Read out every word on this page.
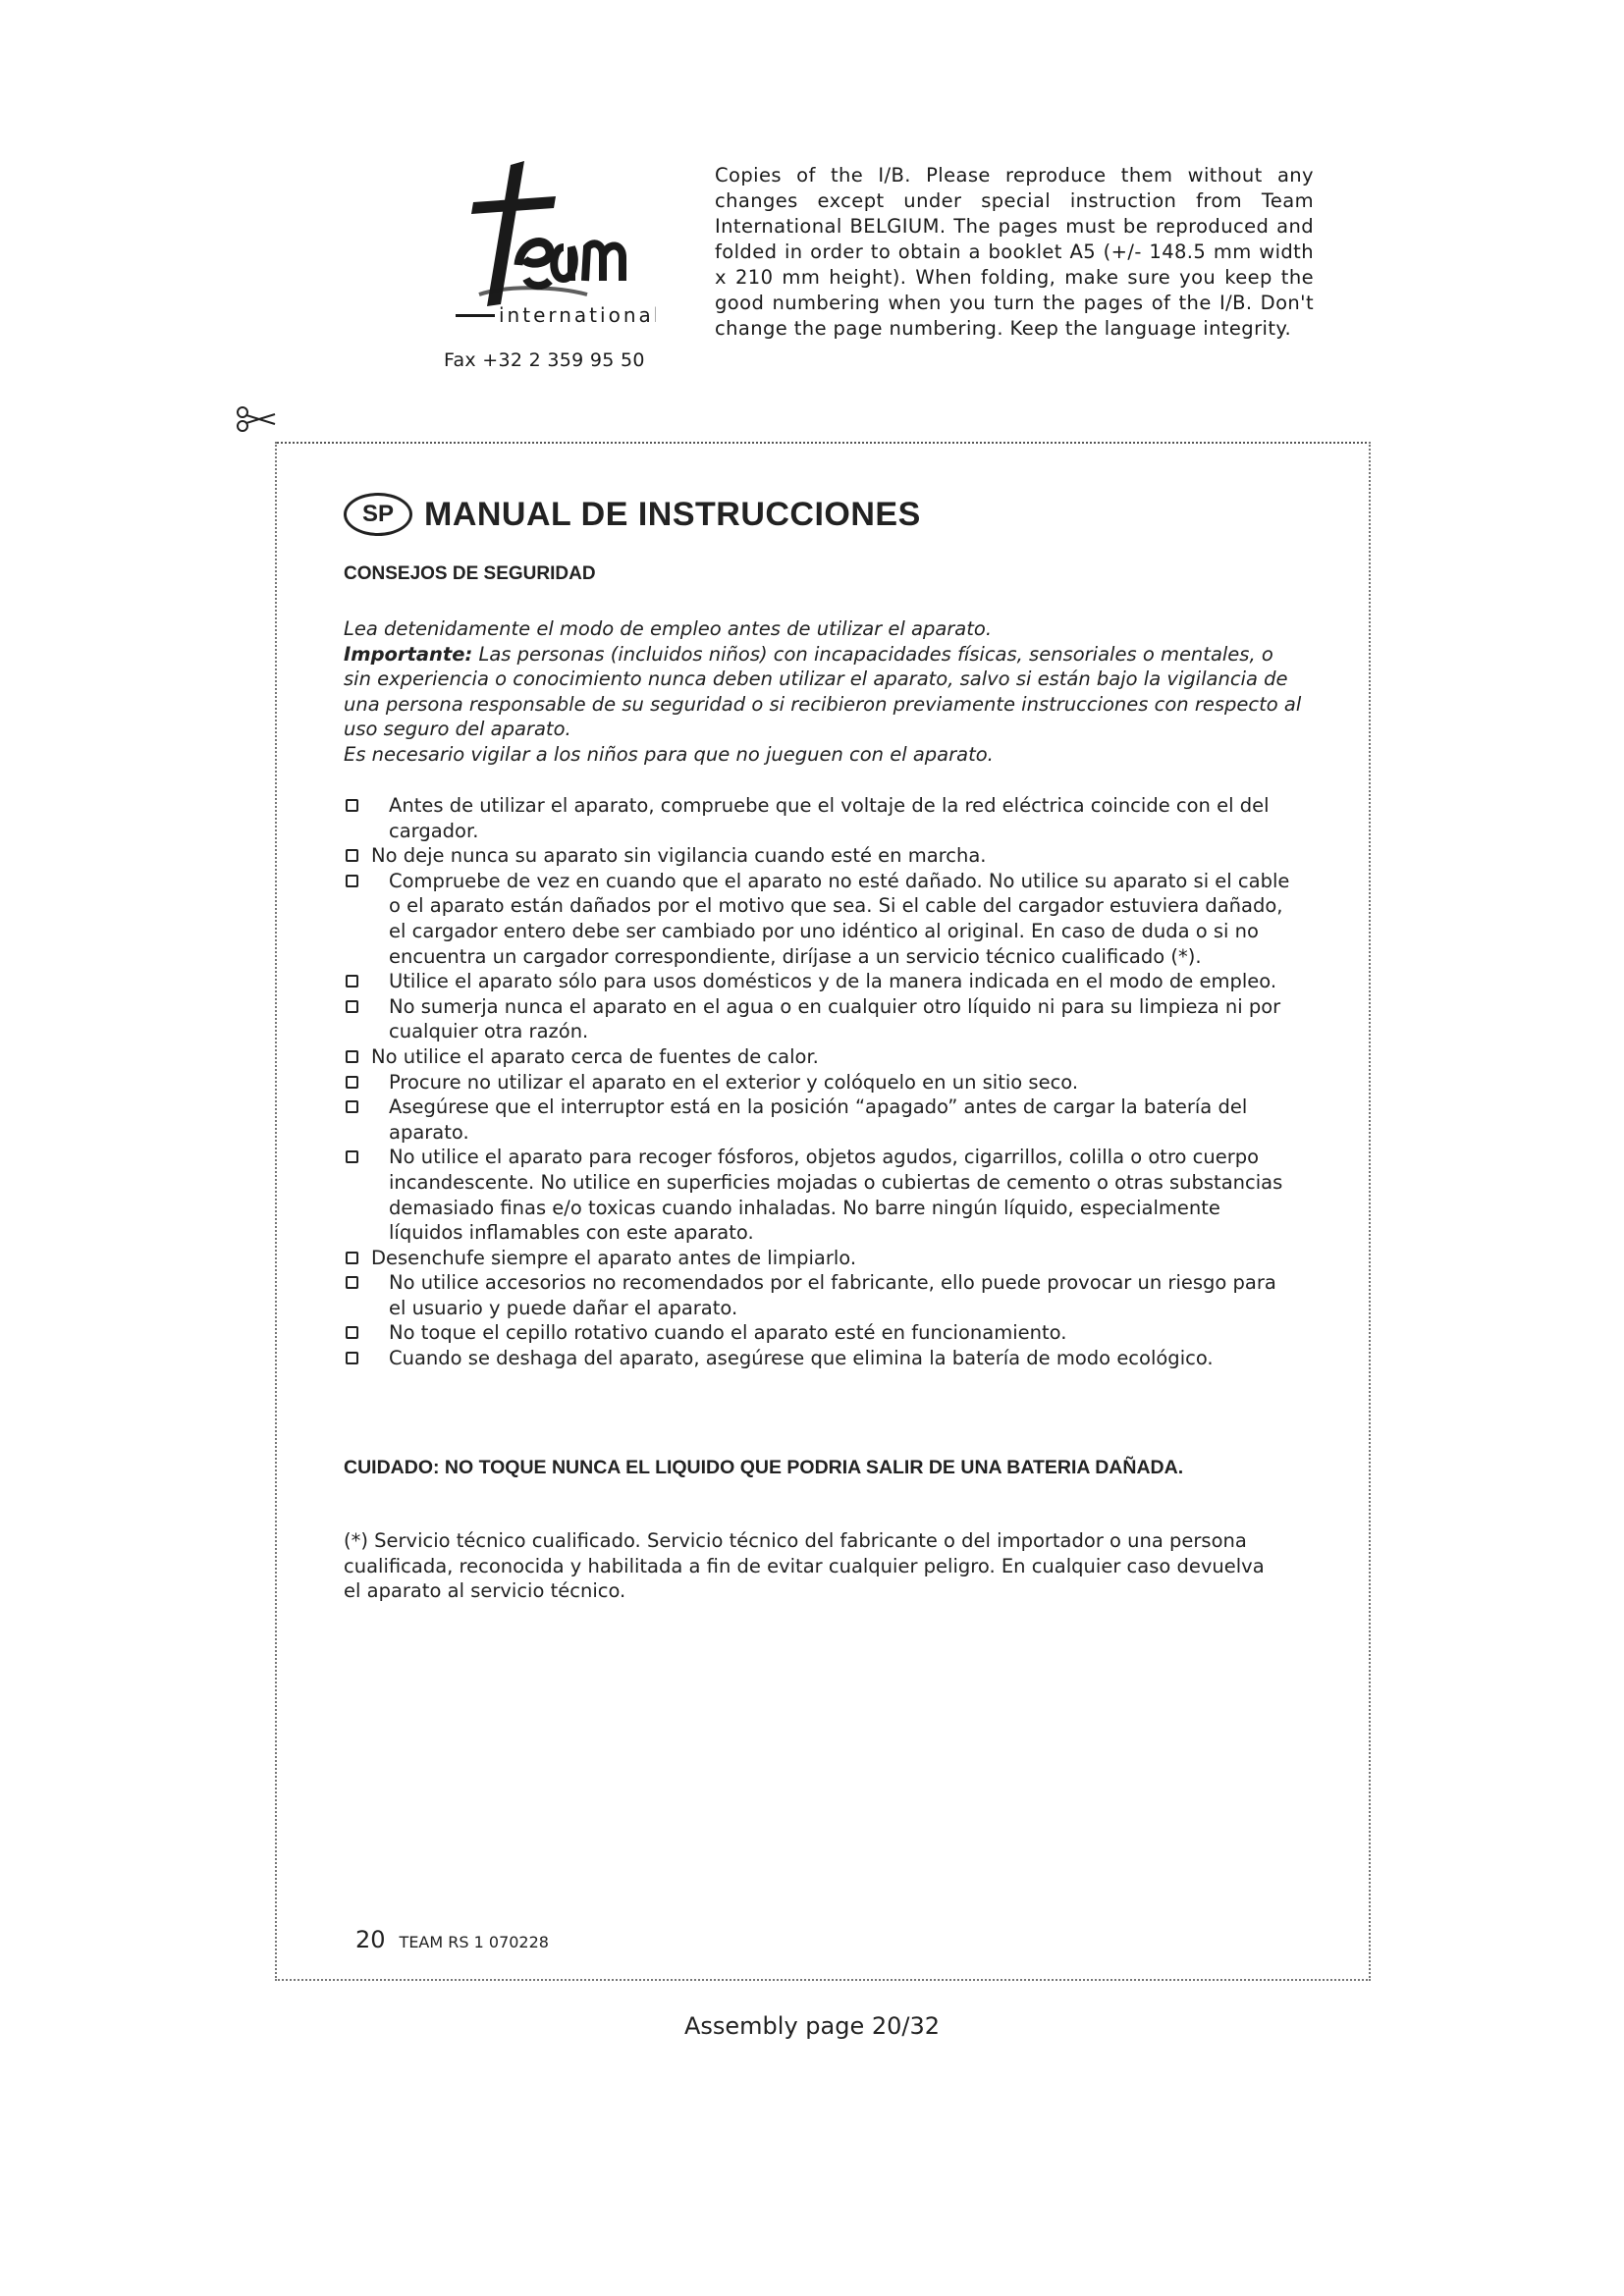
international
Fax +32 2 359 95 50
Copies of the I/B. Please reproduce them without any changes except under special instruction from Team International BELGIUM. The pages must be reproduced and folded in order to obtain a booklet A5 (+/- 148.5 mm width x 210 mm height). When folding, make sure you keep the good numbering when you turn the pages of the I/B. Don't change the page numbering. Keep the language integrity.
SP MANUAL DE INSTRUCCIONES
CONSEJOS DE SEGURIDAD

Lea detenidamente el modo de empleo antes de utilizar el aparato.

Importante: Las personas (incluidos niños) con incapacidades físicas, sensoriales o mentales, o sin experiencia o conocimiento nunca deben utilizar el aparato, salvo si están bajo la vigilancia de una persona responsable de su seguridad o si recibieron previamente instrucciones con respecto al uso seguro del aparato.

Es necesario vigilar a los niños para que no jueguen con el aparato.

Antes de utilizar el aparato, compruebe que el voltaje de la red eléctrica coincide con el del cargador.
No deje nunca su aparato sin vigilancia cuando esté en marcha.
Compruebe de vez en cuando que el aparato no esté dañado. No utilice su aparato si el cable o el aparato están dañados por el motivo que sea. Si el cable del cargador estuviera dañado, el cargador entero debe ser cambiado por uno idéntico al original. En caso de duda o si no encuentra un cargador correspondiente, diríjase a un servicio técnico cualificado (*).
Utilice el aparato sólo para usos domésticos y de la manera indicada en el modo de empleo.
No sumerja nunca el aparato en el agua o en cualquier otro líquido ni para su limpieza ni por cualquier otra razón.
No utilice el aparato cerca de fuentes de calor.
Procure no utilizar el aparato en el exterior y colóquelo en un sitio seco.
Asegúrese que el interruptor está en la posición “apagado” antes de cargar la batería del aparato.
No utilice el aparato para recoger fósforos, objetos agudos, cigarrillos, colilla o otro cuerpo incandescente. No utilice en superficies mojadas o cubiertas de cemento o otras substancias demasiado finas e/o toxicas cuando inhaladas. No barre ningún líquido, especialmente líquidos inflamables con este aparato.
Desenchufe siempre el aparato antes de limpiarlo.
No utilice accesorios no recomendados por el fabricante, ello puede provocar un riesgo para el usuario y puede dañar el aparato.
No toque el cepillo rotativo cuando el aparato esté en funcionamiento.
Cuando se deshaga del aparato, asegúrese que elimina la batería de modo ecológico.
CUIDADO: NO TOQUE NUNCA EL LIQUIDO QUE PODRIA SALIR DE UNA BATERIA DAÑADA.
(*) Servicio técnico cualificado. Servicio técnico del fabricante o del importador o una persona cualificada, reconocida y habilitada a fin de evitar cualquier peligro. En cualquier caso devuelva el aparato al servicio técnico.
20 TEAM RS 1 070228
Assembly page 20/32
